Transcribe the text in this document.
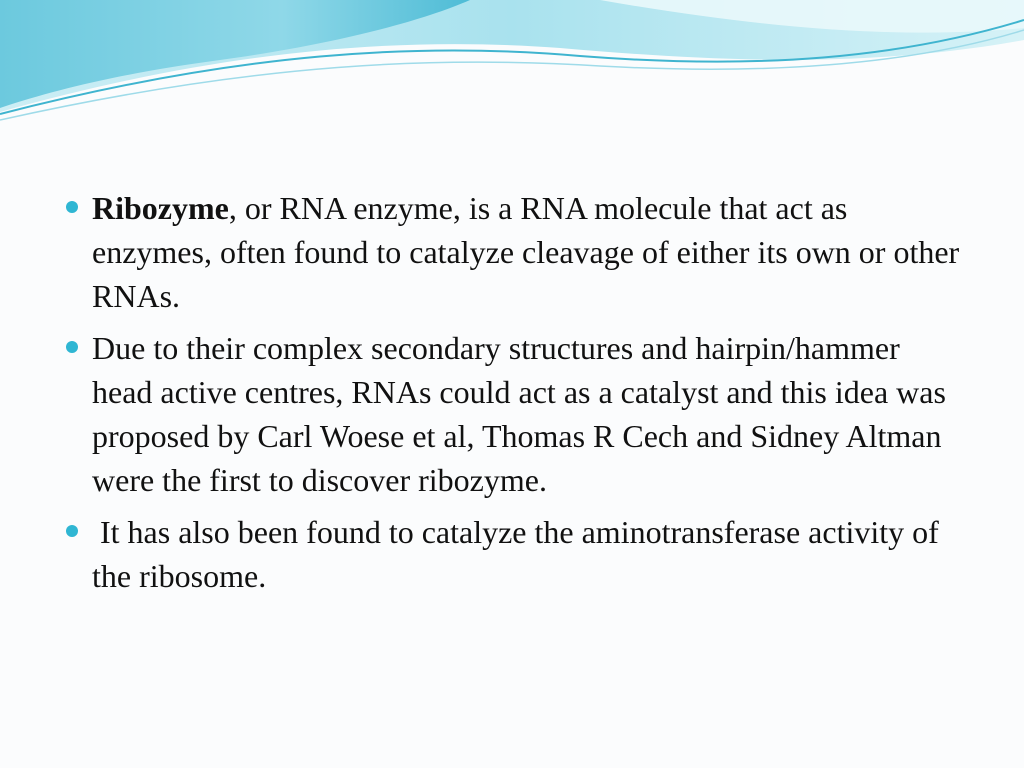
Ribozyme, or RNA enzyme, is a RNA molecule that act as enzymes, often found to catalyze cleavage of either its own or other RNAs.
Due to their complex secondary structures and hairpin/hammer head active centres, RNAs could act as a catalyst and this idea was proposed by Carl Woese et al, Thomas R Cech and Sidney Altman were the first to discover ribozyme.
It has also been found to catalyze the aminotransferase activity of the ribosome.
